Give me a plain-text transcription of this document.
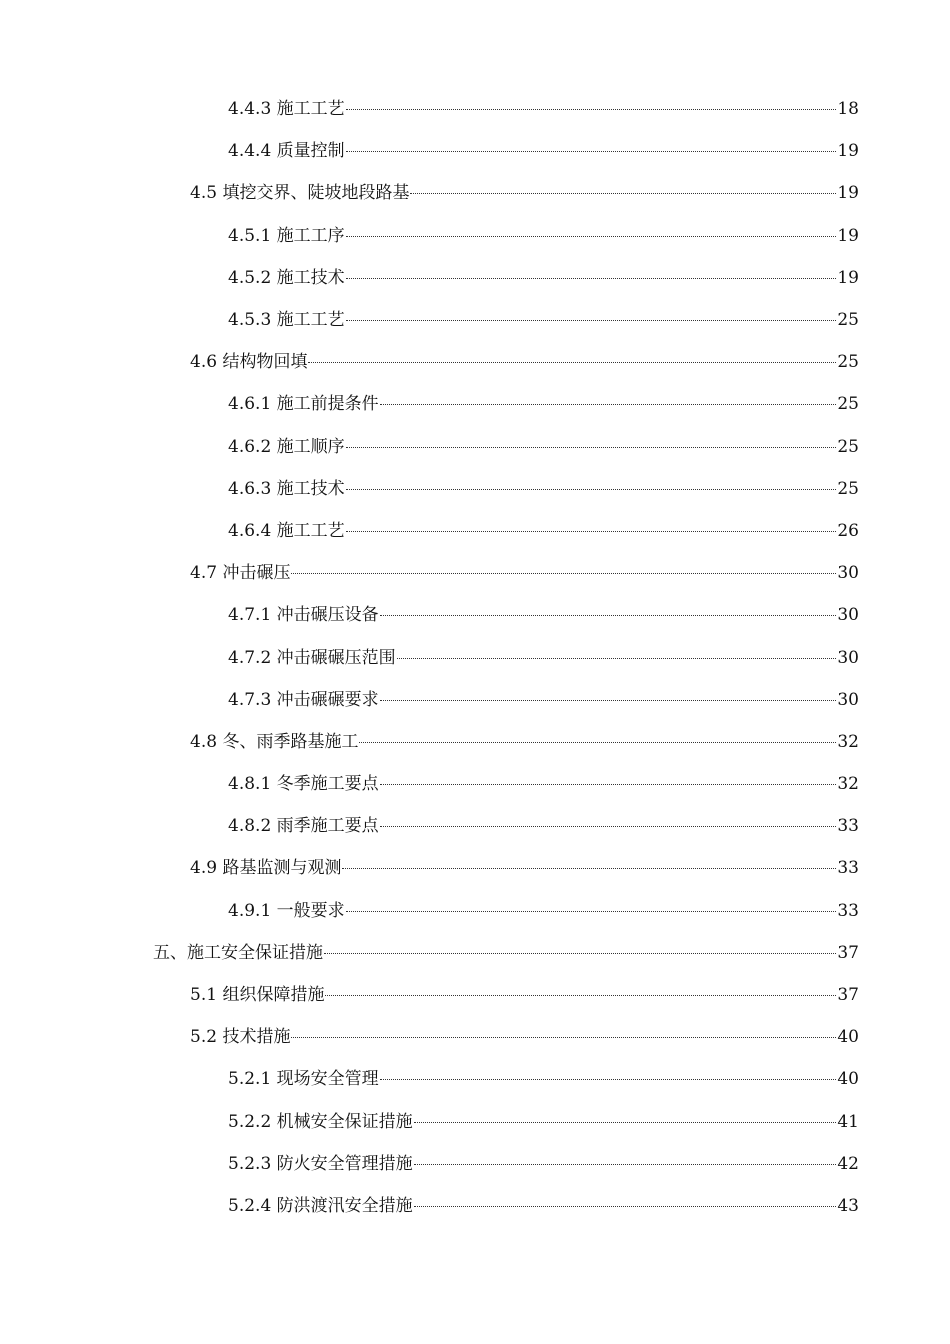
4.4.3 施工工艺	18
4.4.4 质量控制	19
4.5 填挖交界、陡坡地段路基	19
4.5.1 施工工序	19
4.5.2 施工技术	19
4.5.3 施工工艺	25
4.6 结构物回填	25
4.6.1 施工前提条件	25
4.6.2 施工顺序	25
4.6.3 施工技术	25
4.6.4 施工工艺	26
4.7 冲击碾压	30
4.7.1 冲击碾压设备	30
4.7.2 冲击碾碾压范围	30
4.7.3 冲击碾碾要求	30
4.8 冬、雨季路基施工	32
4.8.1 冬季施工要点	32
4.8.2 雨季施工要点	33
4.9 路基监测与观测	33
4.9.1 一般要求	33
五、施工安全保证措施	37
5.1 组织保障措施	37
5.2 技术措施	40
5.2.1 现场安全管理	40
5.2.2 机械安全保证措施	41
5.2.3 防火安全管理措施	42
5.2.4 防洪渡汛安全措施	43
